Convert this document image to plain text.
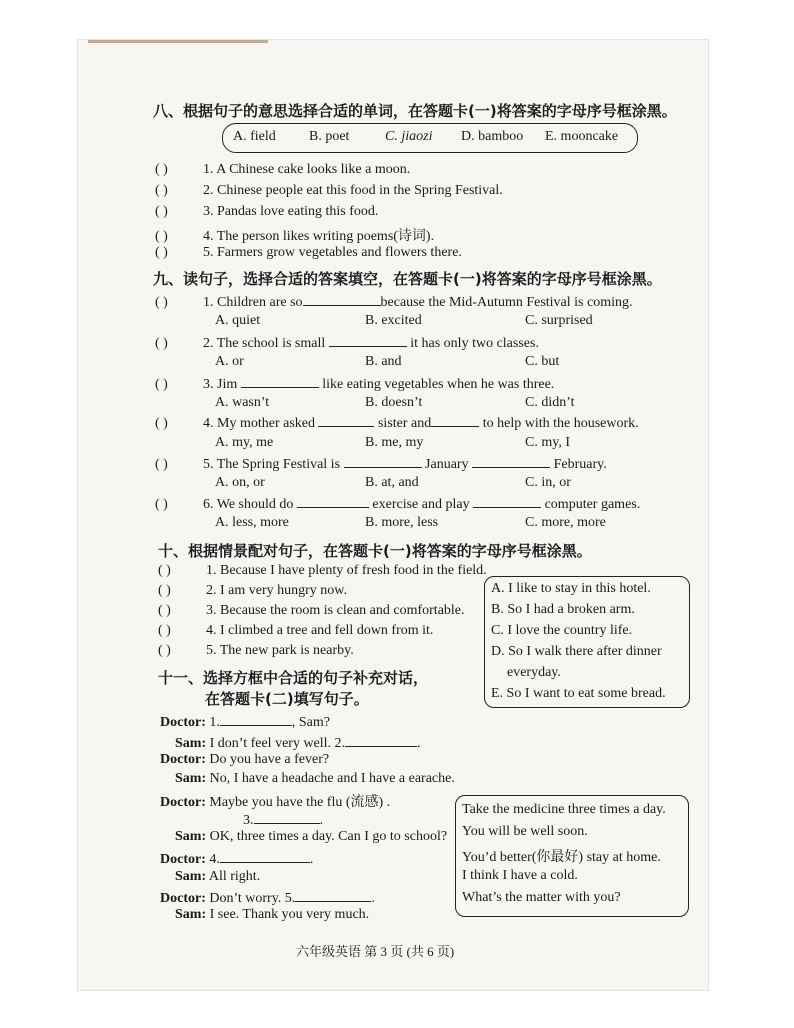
八、根据句子的意思选择合适的单词，在答题卡(一)将答案的字母序号框涂黑。
A. field B. poet	C. jiaozi D. bamboo E. mooncake
( )	1. A Chinese cake looks like a moon.
( )	2. Chinese people eat this food in the Spring Festival.
( )	3. Pandas love eating this food.
( )	4. The person likes writing poems(诗词).
( )	5. Farmers grow vegetables and flowers there.
九、读句子，选择合适的答案填空，在答题卡(一)将答案的字母序号框涂黑。
( )	1. Children are so	because the Mid-Autumn Festival is coming.
A. quiet	B. excited	C. surprised
( )	2. The school is small	it has only two classes.
A. or	B. and	C. but
( )	3. Jim	like eating vegetables when he was three.
A. wasn’t	B. doesn’t	C. didn’t
( )	4. My mother asked	sister and	to help with the housework.
A. my, me	B. me, my	C. my, I
( )	5. The Spring Festival is	January	February.
A. on, or	B. at, and	C. in, or
( )	6. We should do	exercise and play	computer games.
A. less, more	B. more, less	C. more, more
十、根据情景配对句子，在答题卡(一)将答案的字母序号框涂黑。
( )	1. Because I have plenty of fresh food in the field.
( )	2. I am very hungry now.
( )	3. Because the room is clean and comfortable.
( )	4. I climbed a tree and fell down from it.
( )	5. The new park is nearby.
A. I like to stay in this hotel.
B. So I had a broken arm.
C. I love the country life.
D. So I walk there after dinner
everyday.
E. So I want to eat some bread.
十一、选择方框中合适的句子补充对话，
在答题卡(二)填写句子。
Doctor: 1.	, Sam?
Sam: I don’t feel very well. 2.	.
Doctor: Do you have a fever?
Sam: No, I have a headache and I have a earache.
Doctor: Maybe you have the flu (流感) .
3.	.
Sam: OK, three times a day. Can I go to school?
Doctor: 4.	.
Sam: All right.
Doctor: Don’t worry. 5.	.
Sam: I see. Thank you very much.
Take the medicine three times a day.
You will be well soon.
You’d better(你最好) stay at home.
I think I have a cold.
What’s the matter with you?
六年级英语 第 3 页 (共 6 页)
